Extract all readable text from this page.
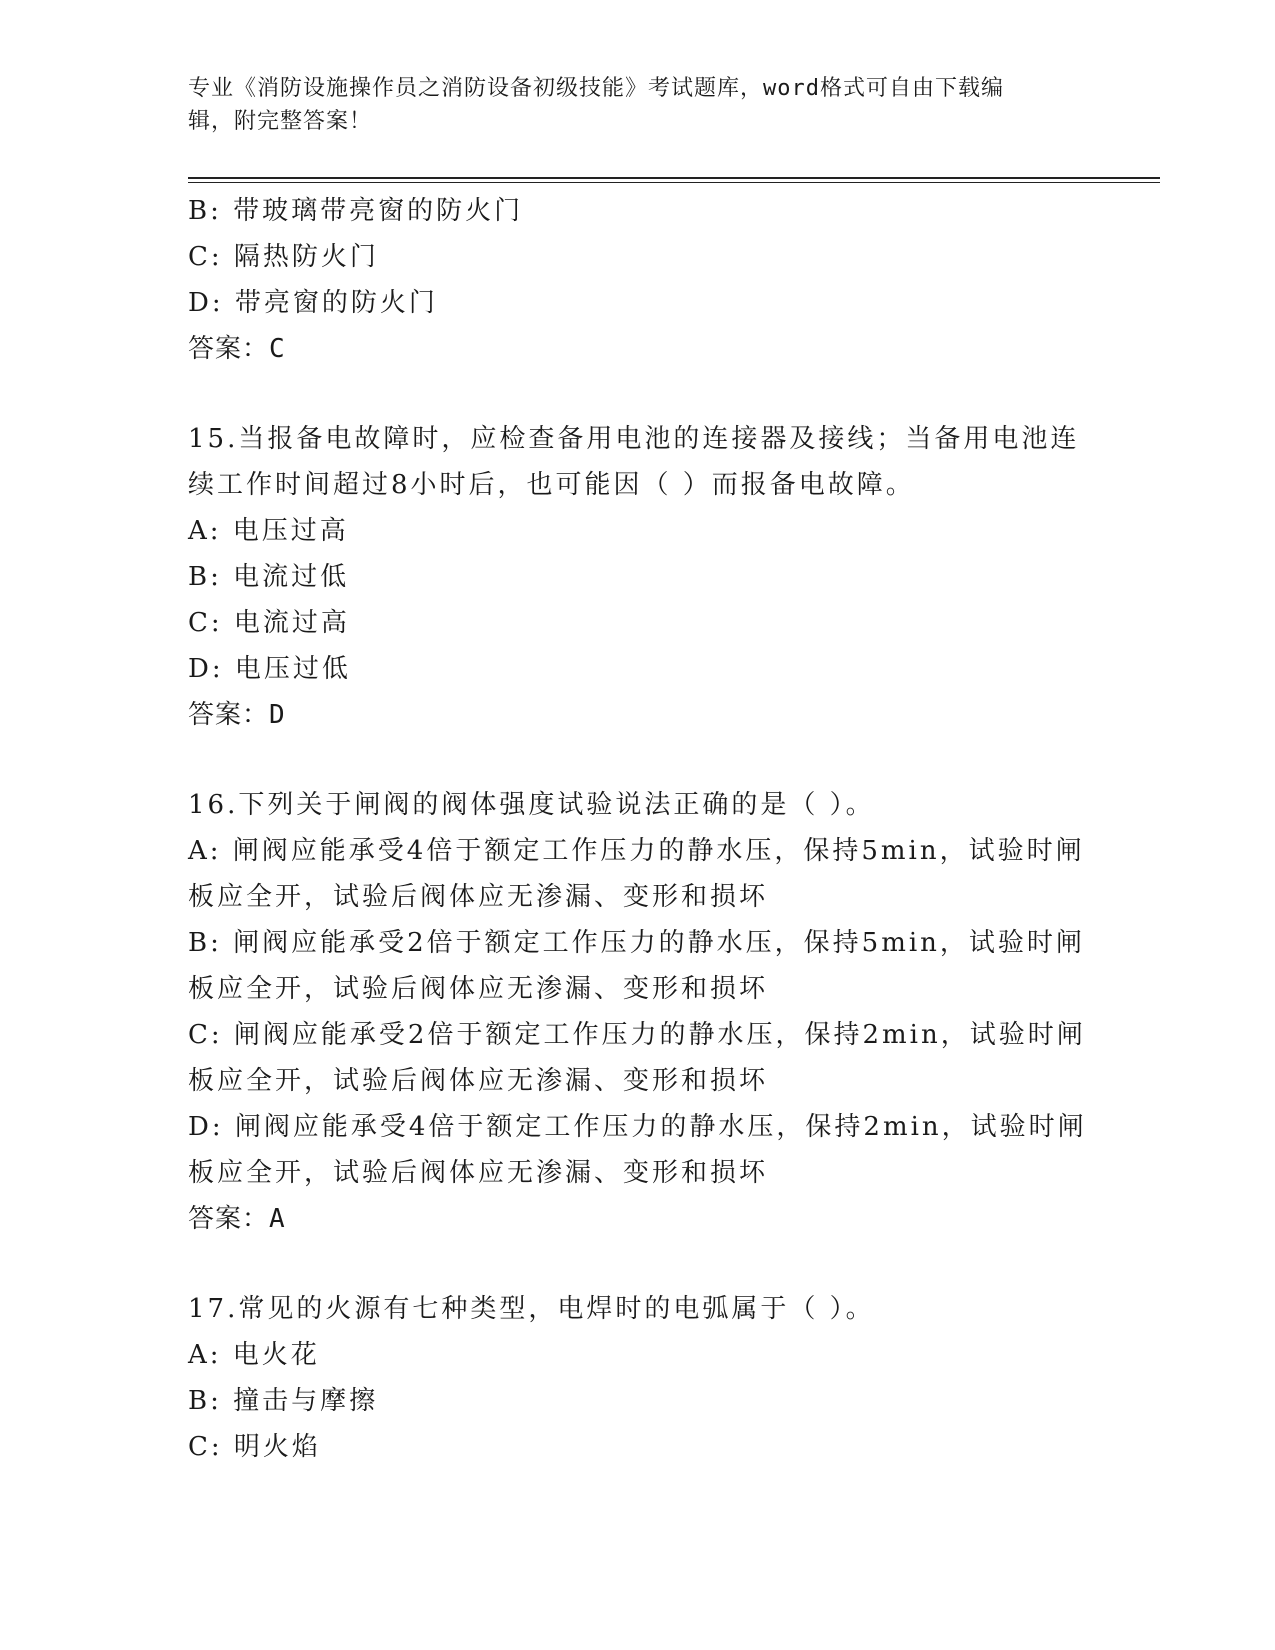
专业《消防设施操作员之消防设备初级技能》考试题库，word格式可自由下载编
辑，附完整答案！
B: 带玻璃带亮窗的防火门
C: 隔热防火门
D: 带亮窗的防火门
答案：C
15.当报备电故障时，应检查备用电池的连接器及接线；当备用电池连
续工作时间超过8小时后，也可能因（ ）而报备电故障。
A: 电压过高
B: 电流过低
C: 电流过高
D: 电压过低
答案：D
16.下列关于闸阀的阀体强度试验说法正确的是（ ）。
A: 闸阀应能承受4倍于额定工作压力的静水压，保持5min，试验时闸
板应全开，试验后阀体应无渗漏、变形和损坏
B: 闸阀应能承受2倍于额定工作压力的静水压，保持5min，试验时闸
板应全开，试验后阀体应无渗漏、变形和损坏
C: 闸阀应能承受2倍于额定工作压力的静水压，保持2min，试验时闸
板应全开，试验后阀体应无渗漏、变形和损坏
D: 闸阀应能承受4倍于额定工作压力的静水压，保持2min，试验时闸
板应全开，试验后阀体应无渗漏、变形和损坏
答案：A
17.常见的火源有七种类型，电焊时的电弧属于（ ）。
A: 电火花
B: 撞击与摩擦
C: 明火焰
